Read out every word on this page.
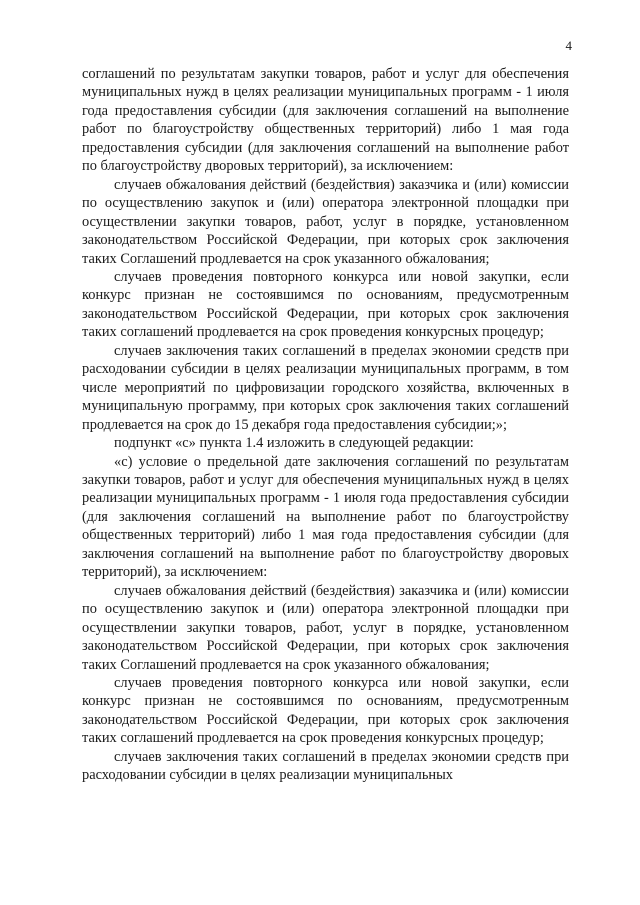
4

соглашений по результатам закупки товаров, работ и услуг для обеспечения муниципальных нужд в целях реализации муниципальных программ - 1 июля года предоставления субсидии (для заключения соглашений на выполнение работ по благоустройству общественных территорий) либо 1 мая года предоставления субсидии (для заключения соглашений на выполнение работ по благоустройству дворовых территорий), за исключением:

случаев обжалования действий (бездействия) заказчика и (или) комиссии по осуществлению закупок и (или) оператора электронной площадки при осуществлении закупки товаров, работ, услуг в порядке, установленном законодательством Российской Федерации, при которых срок заключения таких Соглашений продлевается на срок указанного обжалования;

случаев проведения повторного конкурса или новой закупки, если конкурс признан не состоявшимся по основаниям, предусмотренным законодательством Российской Федерации, при которых срок заключения таких соглашений продлевается на срок проведения конкурсных процедур;

случаев заключения таких соглашений в пределах экономии средств при расходовании субсидии в целях реализации муниципальных программ, в том числе мероприятий по цифровизации городского хозяйства, включенных в муниципальную программу, при которых срок заключения таких соглашений продлевается на срок до 15 декабря года предоставления субсидии;»;

подпункт «с» пункта 1.4 изложить в следующей редакции:

«с) условие о предельной дате заключения соглашений по результатам закупки товаров, работ и услуг для обеспечения муниципальных нужд в целях реализации муниципальных программ - 1 июля года предоставления субсидии (для заключения соглашений на выполнение работ по благоустройству общественных территорий) либо 1 мая года предоставления субсидии (для заключения соглашений на выполнение работ по благоустройству дворовых территорий), за исключением:

случаев обжалования действий (бездействия) заказчика и (или) комиссии по осуществлению закупок и (или) оператора электронной площадки при осуществлении закупки товаров, работ, услуг в порядке, установленном законодательством Российской Федерации, при которых срок заключения таких Соглашений продлевается на срок указанного обжалования;

случаев проведения повторного конкурса или новой закупки, если конкурс признан не состоявшимся по основаниям, предусмотренным законодательством Российской Федерации, при которых срок заключения таких соглашений продлевается на срок проведения конкурсных процедур;

случаев заключения таких соглашений в пределах экономии средств при расходовании субсидии в целях реализации муниципальных
